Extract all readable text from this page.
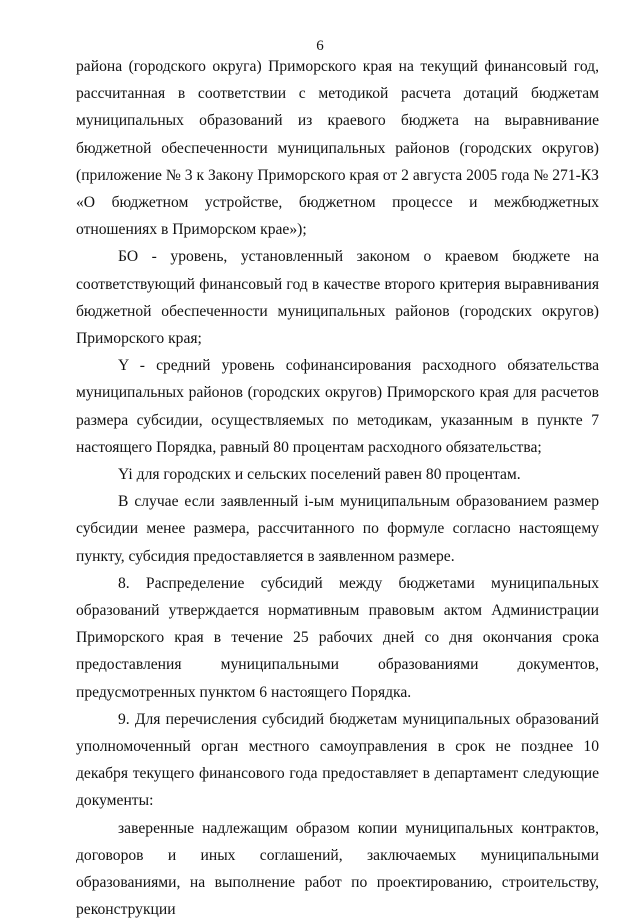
6

района (городского округа) Приморского края на текущий финансовый год, рассчитанная в соответствии с методикой расчета дотаций бюджетам муниципальных образований из краевого бюджета на выравнивание бюджетной обеспеченности муниципальных районов (городских округов) (приложение № 3 к Закону Приморского края от 2 августа 2005 года № 271-КЗ «О бюджетном устройстве, бюджетном процессе и межбюджетных отношениях в Приморском крае»);

БО - уровень, установленный законом о краевом бюджете на соответствующий финансовый год в качестве второго критерия выравнивания бюджетной обеспеченности муниципальных районов (городских округов) Приморского края;

Y - средний уровень софинансирования расходного обязательства муниципальных районов (городских округов) Приморского края для расчетов размера субсидии, осуществляемых по методикам, указанным в пункте 7 настоящего Порядка, равный 80 процентам расходного обязательства;

Yi для городских и сельских поселений равен 80 процентам.

В случае если заявленный i-ым муниципальным образованием размер субсидии менее размера, рассчитанного по формуле согласно настоящему пункту, субсидия предоставляется в заявленном размере.

8. Распределение субсидий между бюджетами муниципальных образований утверждается нормативным правовым актом Администрации Приморского края в течение 25 рабочих дней со дня окончания срока предоставления муниципальными образованиями документов, предусмотренных пунктом 6 настоящего Порядка.

9. Для перечисления субсидий бюджетам муниципальных образований уполномоченный орган местного самоуправления в срок не позднее 10 декабря текущего финансового года предоставляет в департамент следующие документы:

заверенные надлежащим образом копии муниципальных контрактов, договоров и иных соглашений, заключаемых муниципальными образованиями, на выполнение работ по проектированию, строительству, реконструкции
